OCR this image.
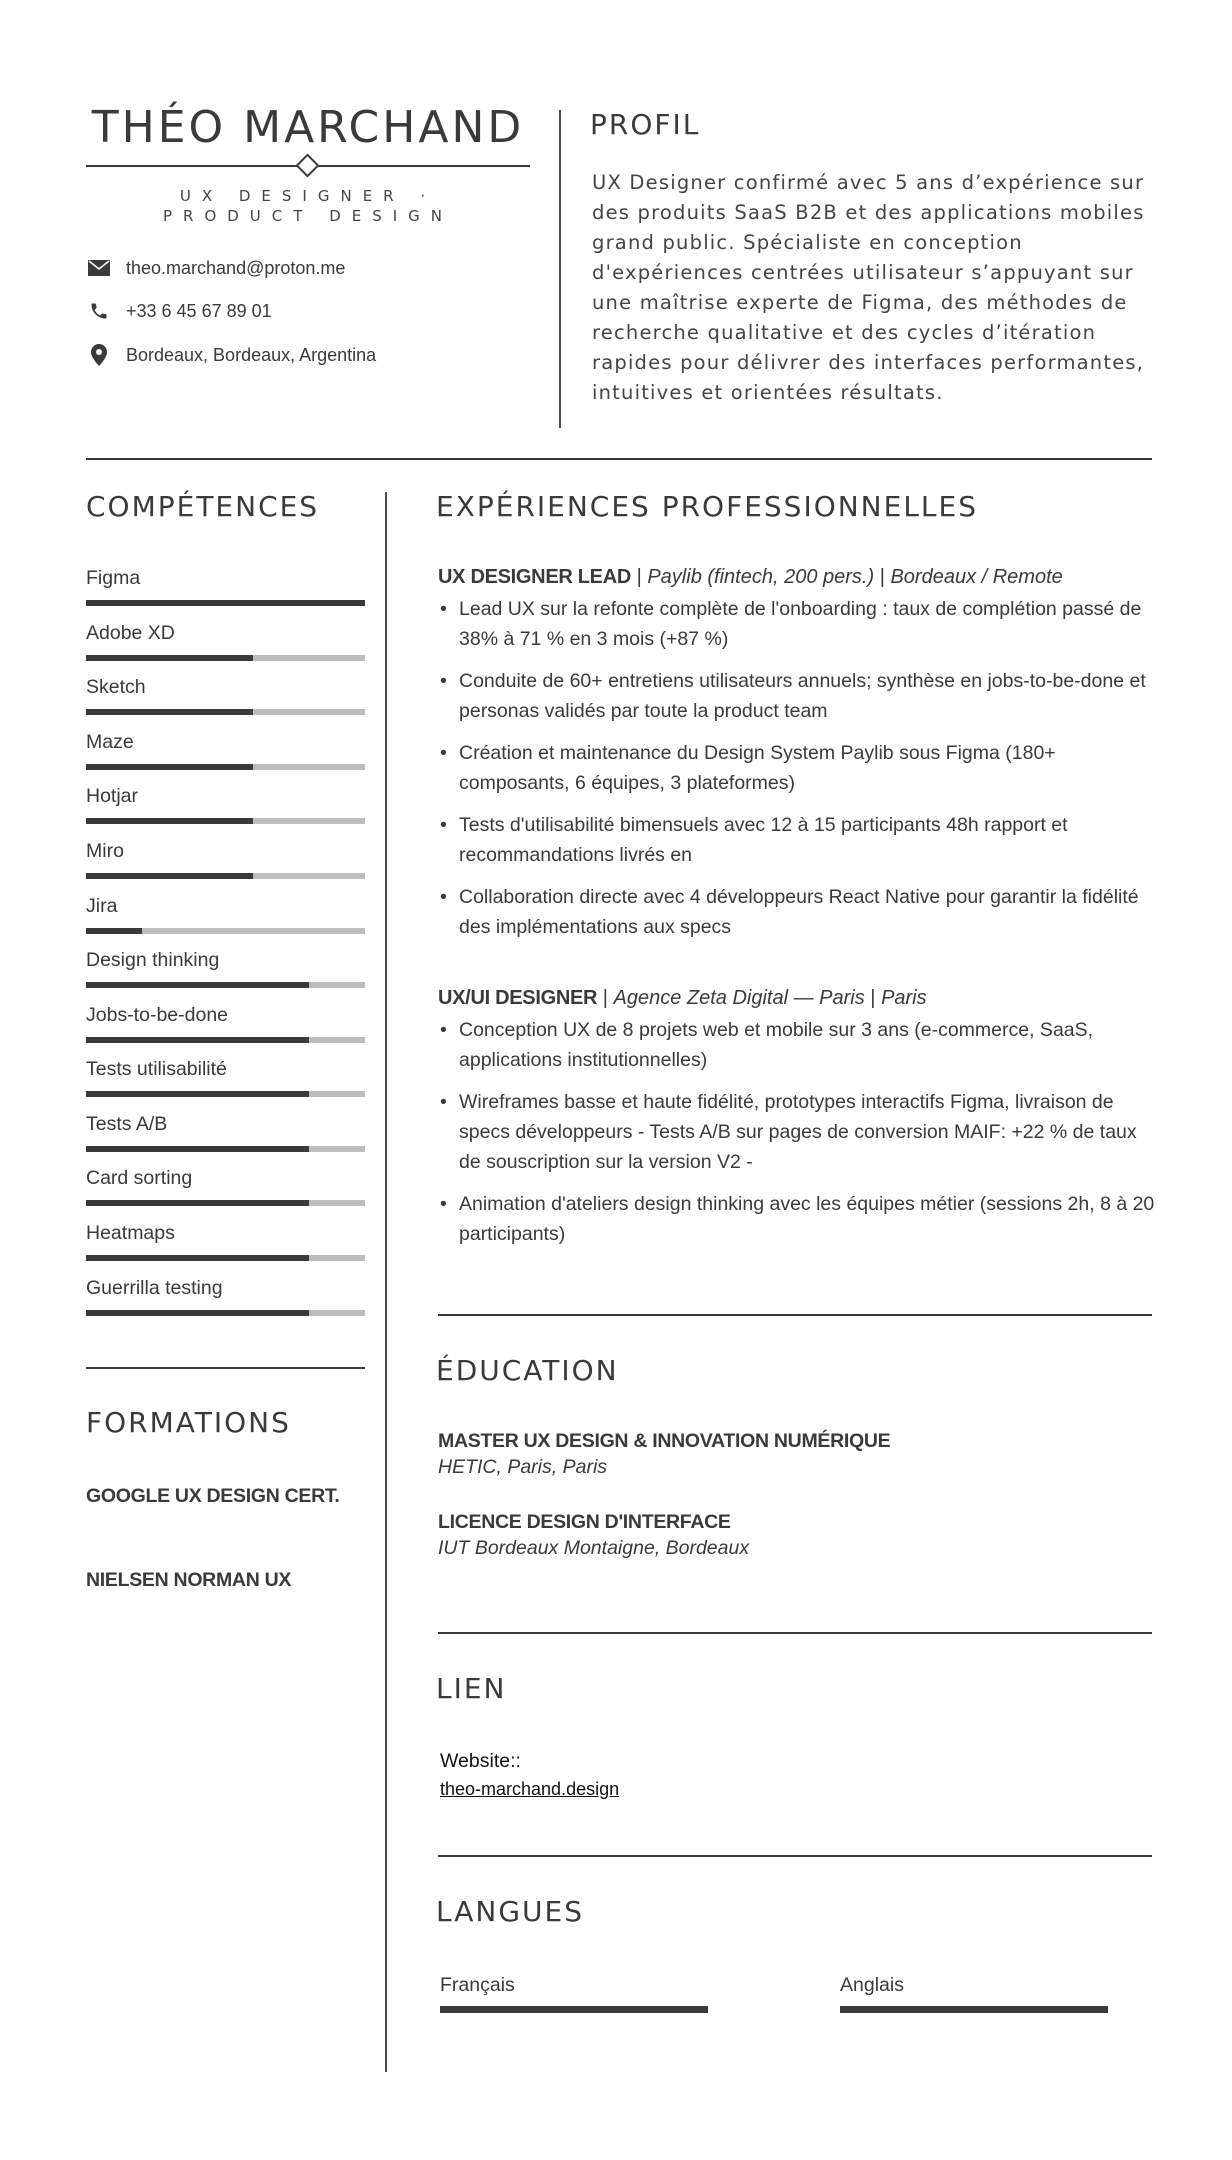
THÉO MARCHAND
UX DESIGNER ·
PRODUCT DESIGN
theo.marchand@proton.me
+33 6 45 67 89 01
Bordeaux, Bordeaux, Argentina
PROFIL
UX Designer confirmé avec 5 ans d’expérience sur des produits SaaS B2B et des applications mobiles grand public. Spécialiste en conception d'expériences centrées utilisateur s’appuyant sur une maîtrise experte de Figma, des méthodes de recherche qualitative et des cycles d’itération rapides pour délivrer des interfaces performantes, intuitives et orientées résultats.
COMPÉTENCES
Figma
Adobe XD
Sketch
Maze
Hotjar
Miro
Jira
Design thinking
Jobs-to-be-done
Tests utilisabilité
Tests A/B
Card sorting
Heatmaps
Guerrilla testing
FORMATIONS
GOOGLE UX DESIGN CERT.
NIELSEN NORMAN UX
EXPÉRIENCES PROFESSIONNELLES
UX DESIGNER LEAD | Paylib (fintech, 200 pers.) | Bordeaux / Remote
• Lead UX sur la refonte complète de l'onboarding : taux de complétion passé de 38% à 71 % en 3 mois (+87 %)
• Conduite de 60+ entretiens utilisateurs annuels; synthèse en jobs-to-be-done et personas validés par toute la product team
• Création et maintenance du Design System Paylib sous Figma (180+ composants, 6 équipes, 3 plateformes)
• Tests d'utilisabilité bimensuels avec 12 à 15 participants 48h rapport et recommandations livrés en
• Collaboration directe avec 4 développeurs React Native pour garantir la fidélité des implémentations aux specs
UX/UI DESIGNER | Agence Zeta Digital — Paris | Paris
• Conception UX de 8 projets web et mobile sur 3 ans (e-commerce, SaaS, applications institutionnelles)
• Wireframes basse et haute fidélité, prototypes interactifs Figma, livraison de specs développeurs - Tests A/B sur pages de conversion MAIF: +22 % de taux de souscription sur la version V2 -
• Animation d'ateliers design thinking avec les équipes métier (sessions 2h, 8 à 20 participants)
ÉDUCATION
MASTER UX DESIGN & INNOVATION NUMÉRIQUE
HETIC, Paris, Paris
LICENCE DESIGN D'INTERFACE
IUT Bordeaux Montaigne, Bordeaux
LIEN
Website::
theo-marchand.design
LANGUES
Français	Anglais
